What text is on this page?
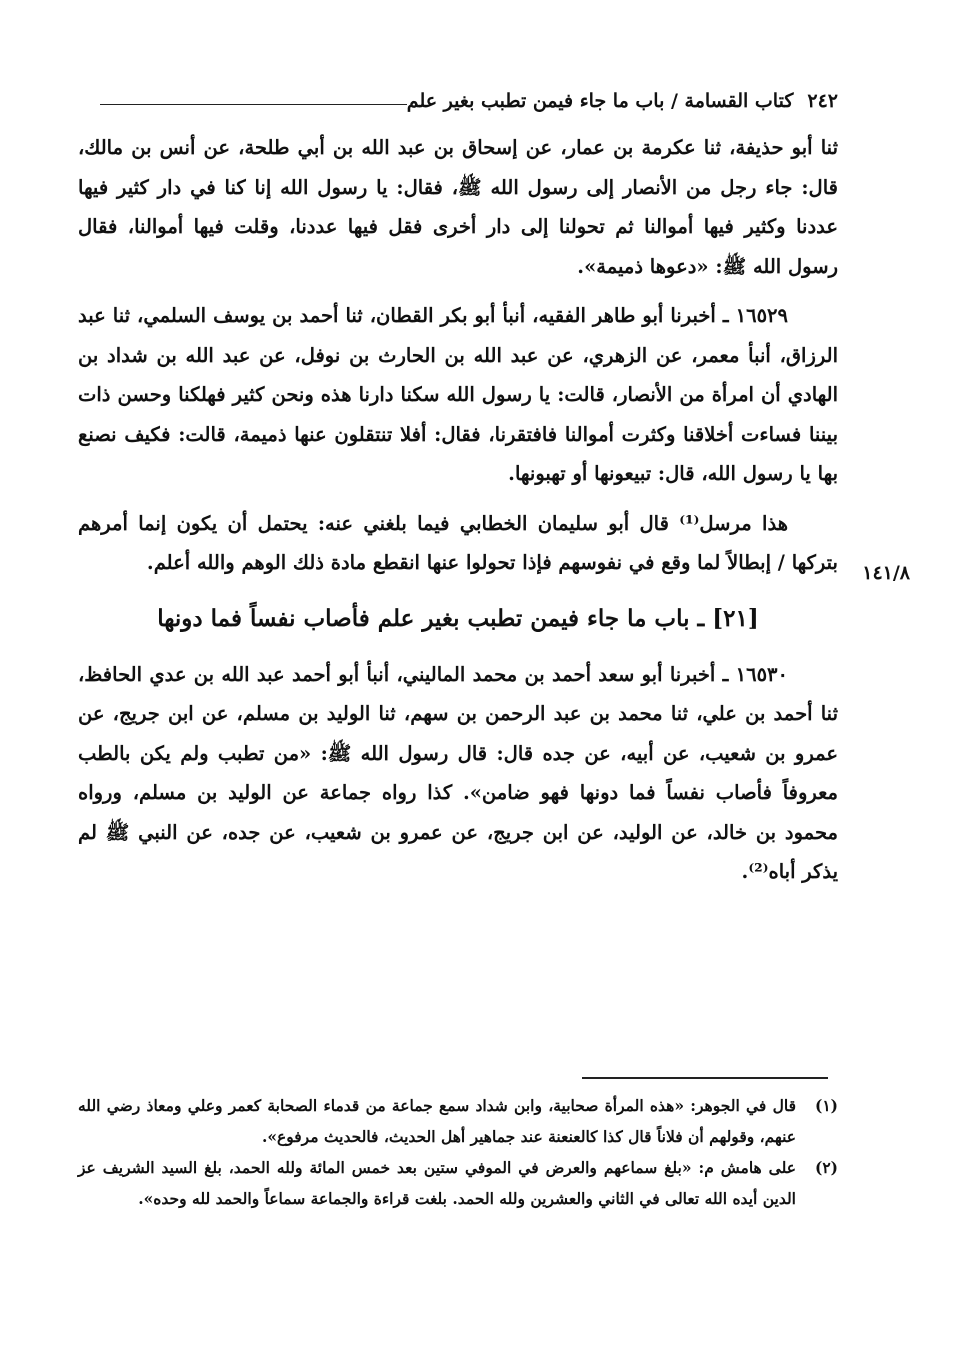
٢٤٢
كتاب القسامة / باب ما جاء فيمن تطبب بغير علم

ثنا أبو حذيفة، ثنا عكرمة بن عمار، عن إسحاق بن عبد الله بن أبي طلحة، عن أنس بن مالك، قال: جاء رجل من الأنصار إلى رسول الله ﷺ، فقال: يا رسول الله إنا كنا في دار كثير فيها عددنا وكثير فيها أموالنا ثم تحولنا إلى دار أخرى فقل فيها عددنا، وقلت فيها أموالنا، فقال رسول الله ﷺ: «دعوها ذميمة».

١٦٥٢٩ ـ أخبرنا أبو طاهر الفقيه، أنبأ أبو بكر القطان، ثنا أحمد بن يوسف السلمي، ثنا عبد الرزاق، أنبأ معمر، عن الزهري، عن عبد الله بن الحارث بن نوفل، عن عبد الله بن شداد بن الهادي أن امرأة من الأنصار، قالت: يا رسول الله سكنا دارنا هذه ونحن كثير فهلكنا وحسن ذات بيننا فساءت أخلاقنا وكثرت أموالنا فافتقرنا، فقال: أفلا تنتقلون عنها ذميمة، قالت: فكيف نصنع بها يا رسول الله، قال: تبيعونها أو تهبونها.

هذا مرسل⁽¹⁾ قال أبو سليمان الخطابي فيما بلغني عنه: يحتمل أن يكون إنما أمرهم بتركها / إبطالاً لما وقع في نفوسهم فإذا تحولوا عنها انقطع مادة ذلك الوهم والله أعلم.

[٢١] ـ باب ما جاء فيمن تطبب بغير علم فأصاب نفساً فما دونها

١٦٥٣٠ ـ أخبرنا أبو سعد أحمد بن محمد الماليني، أنبأ أبو أحمد عبد الله بن عدي الحافظ، ثنا أحمد بن علي، ثنا محمد بن عبد الرحمن بن سهم، ثنا الوليد بن مسلم، عن ابن جريج، عن عمرو بن شعيب، عن أبيه، عن جده قال: قال رسول الله ﷺ: «من تطبب ولم يكن بالطب معروفاً فأصاب نفساً فما دونها فهو ضامن». كذا رواه جماعة عن الوليد بن مسلم، ورواه محمود بن خالد، عن الوليد، عن ابن جريج، عن عمرو بن شعيب، عن جده، عن النبي ﷺ لم يذكر أباه⁽²⁾.

١٤١/٨

(١)
قال في الجوهر: «هذه المرأة صحابية، وابن شداد سمع جماعة من قدماء الصحابة كعمر وعلي ومعاذ رضي الله عنهم، وقولهم أن فلاناً قال كذا كالعنعنة عند جماهير أهل الحديث، فالحديث مرفوع».

(٢)
على هامش م: «بلغ سماعهم والعرض في الموفي ستين بعد خمس المائة ولله الحمد، بلغ السيد الشريف عز الدين أيده الله تعالى في الثاني والعشرين ولله الحمد. بلغت قراءة والجماعة سماعاً والحمد لله وحده».
